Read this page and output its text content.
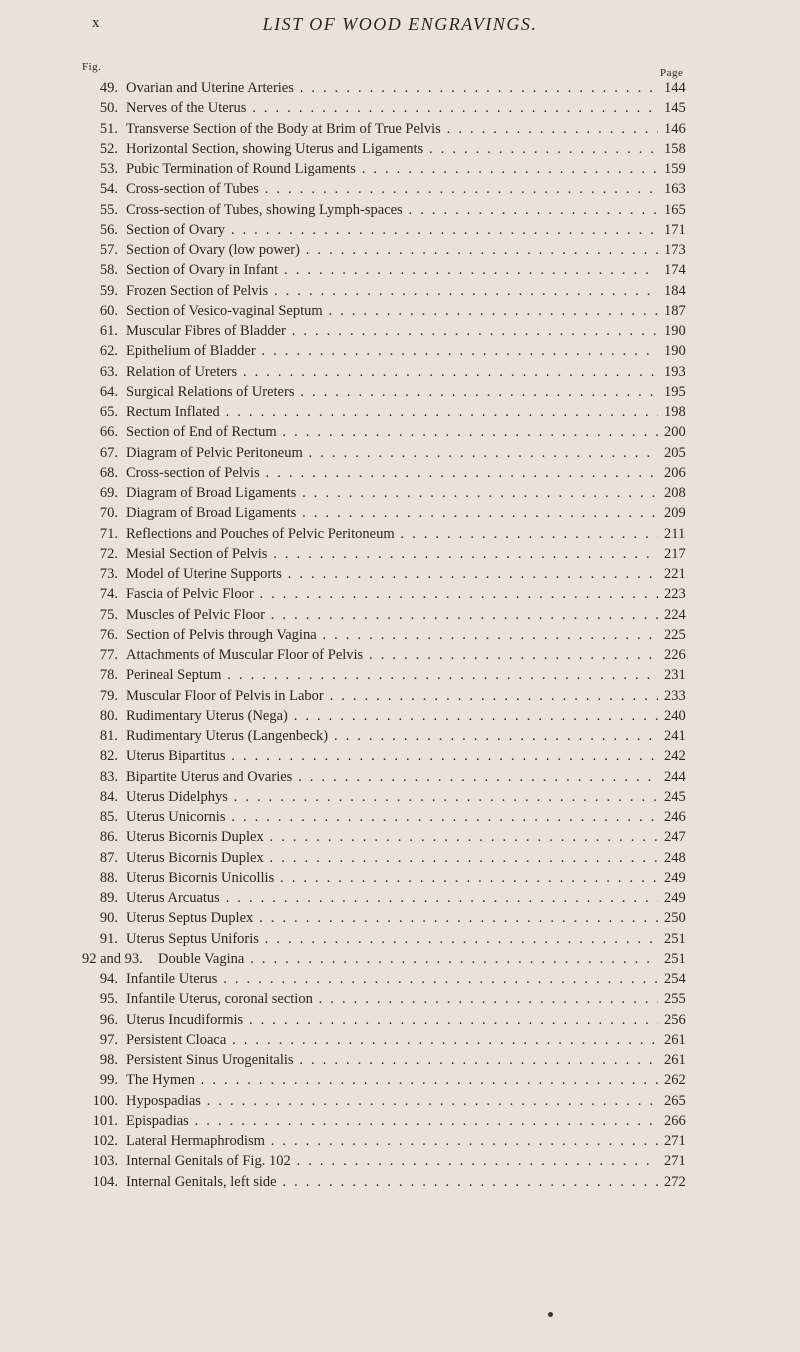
x	LIST OF WOOD ENGRAVINGS.
Fig.	Page
49. Ovarian and Uterine Arteries . . .	144
50. Nerves of the Uterus . . .	145
51. Transverse Section of the Body at Brim of True Pelvis . . .	146
52. Horizontal Section, showing Uterus and Ligaments . . .	158
53. Pubic Termination of Round Ligaments . . .	159
54. Cross-section of Tubes . . .	163
55. Cross-section of Tubes, showing Lymph-spaces . . .	165
56. Section of Ovary . . .	171
57. Section of Ovary (low power) . . .	173
58. Section of Ovary in Infant . . .	174
59. Frozen Section of Pelvis . . .	184
60. Section of Vesico-vaginal Septum . . .	187
61. Muscular Fibres of Bladder . . .	190
62. Epithelium of Bladder . . .	190
63. Relation of Ureters . . .	193
64. Surgical Relations of Ureters . . .	195
65. Rectum Inflated . . .	198
66. Section of End of Rectum . . .	200
67. Diagram of Pelvic Peritoneum . . .	205
68. Cross-section of Pelvis . . .	206
69. Diagram of Broad Ligaments . . .	208
70. Diagram of Broad Ligaments . . .	209
71. Reflections and Pouches of Pelvic Peritoneum . . .	211
72. Mesial Section of Pelvis . . .	217
73. Model of Uterine Supports . . .	221
74. Fascia of Pelvic Floor . . .	223
75. Muscles of Pelvic Floor . . .	224
76. Section of Pelvis through Vagina . . .	225
77. Attachments of Muscular Floor of Pelvis . . .	226
78. Perineal Septum . . .	231
79. Muscular Floor of Pelvis in Labor . . .	233
80. Rudimentary Uterus (Nega) . . .	240
81. Rudimentary Uterus (Langenbeck) . . .	241
82. Uterus Bipartitus . . .	242
83. Bipartite Uterus and Ovaries . . .	244
84. Uterus Didelphys . . .	245
85. Uterus Unicornis . . .	246
86. Uterus Bicornis Duplex . . .	247
87. Uterus Bicornis Duplex . . .	248
88. Uterus Bicornis Unicollis . . .	249
89. Uterus Arcuatus . . .	249
90. Uterus Septus Duplex . . .	250
91. Uterus Septus Uniforis . . .	251
92 and 93. Double Vagina . . .	251
94. Infantile Uterus . . .	254
95. Infantile Uterus, coronal section . . .	255
96. Uterus Incudiformis . . .	256
97. Persistent Cloaca . . .	261
98. Persistent Sinus Urogenitalis . . .	261
99. The Hymen . . .	262
100. Hypospadias . . .	265
101. Epispadias . . .	266
102. Lateral Hermaphrodism . . .	271
103. Internal Genitals of Fig. 102 . . .	271
104. Internal Genitals, left side . . .	272
